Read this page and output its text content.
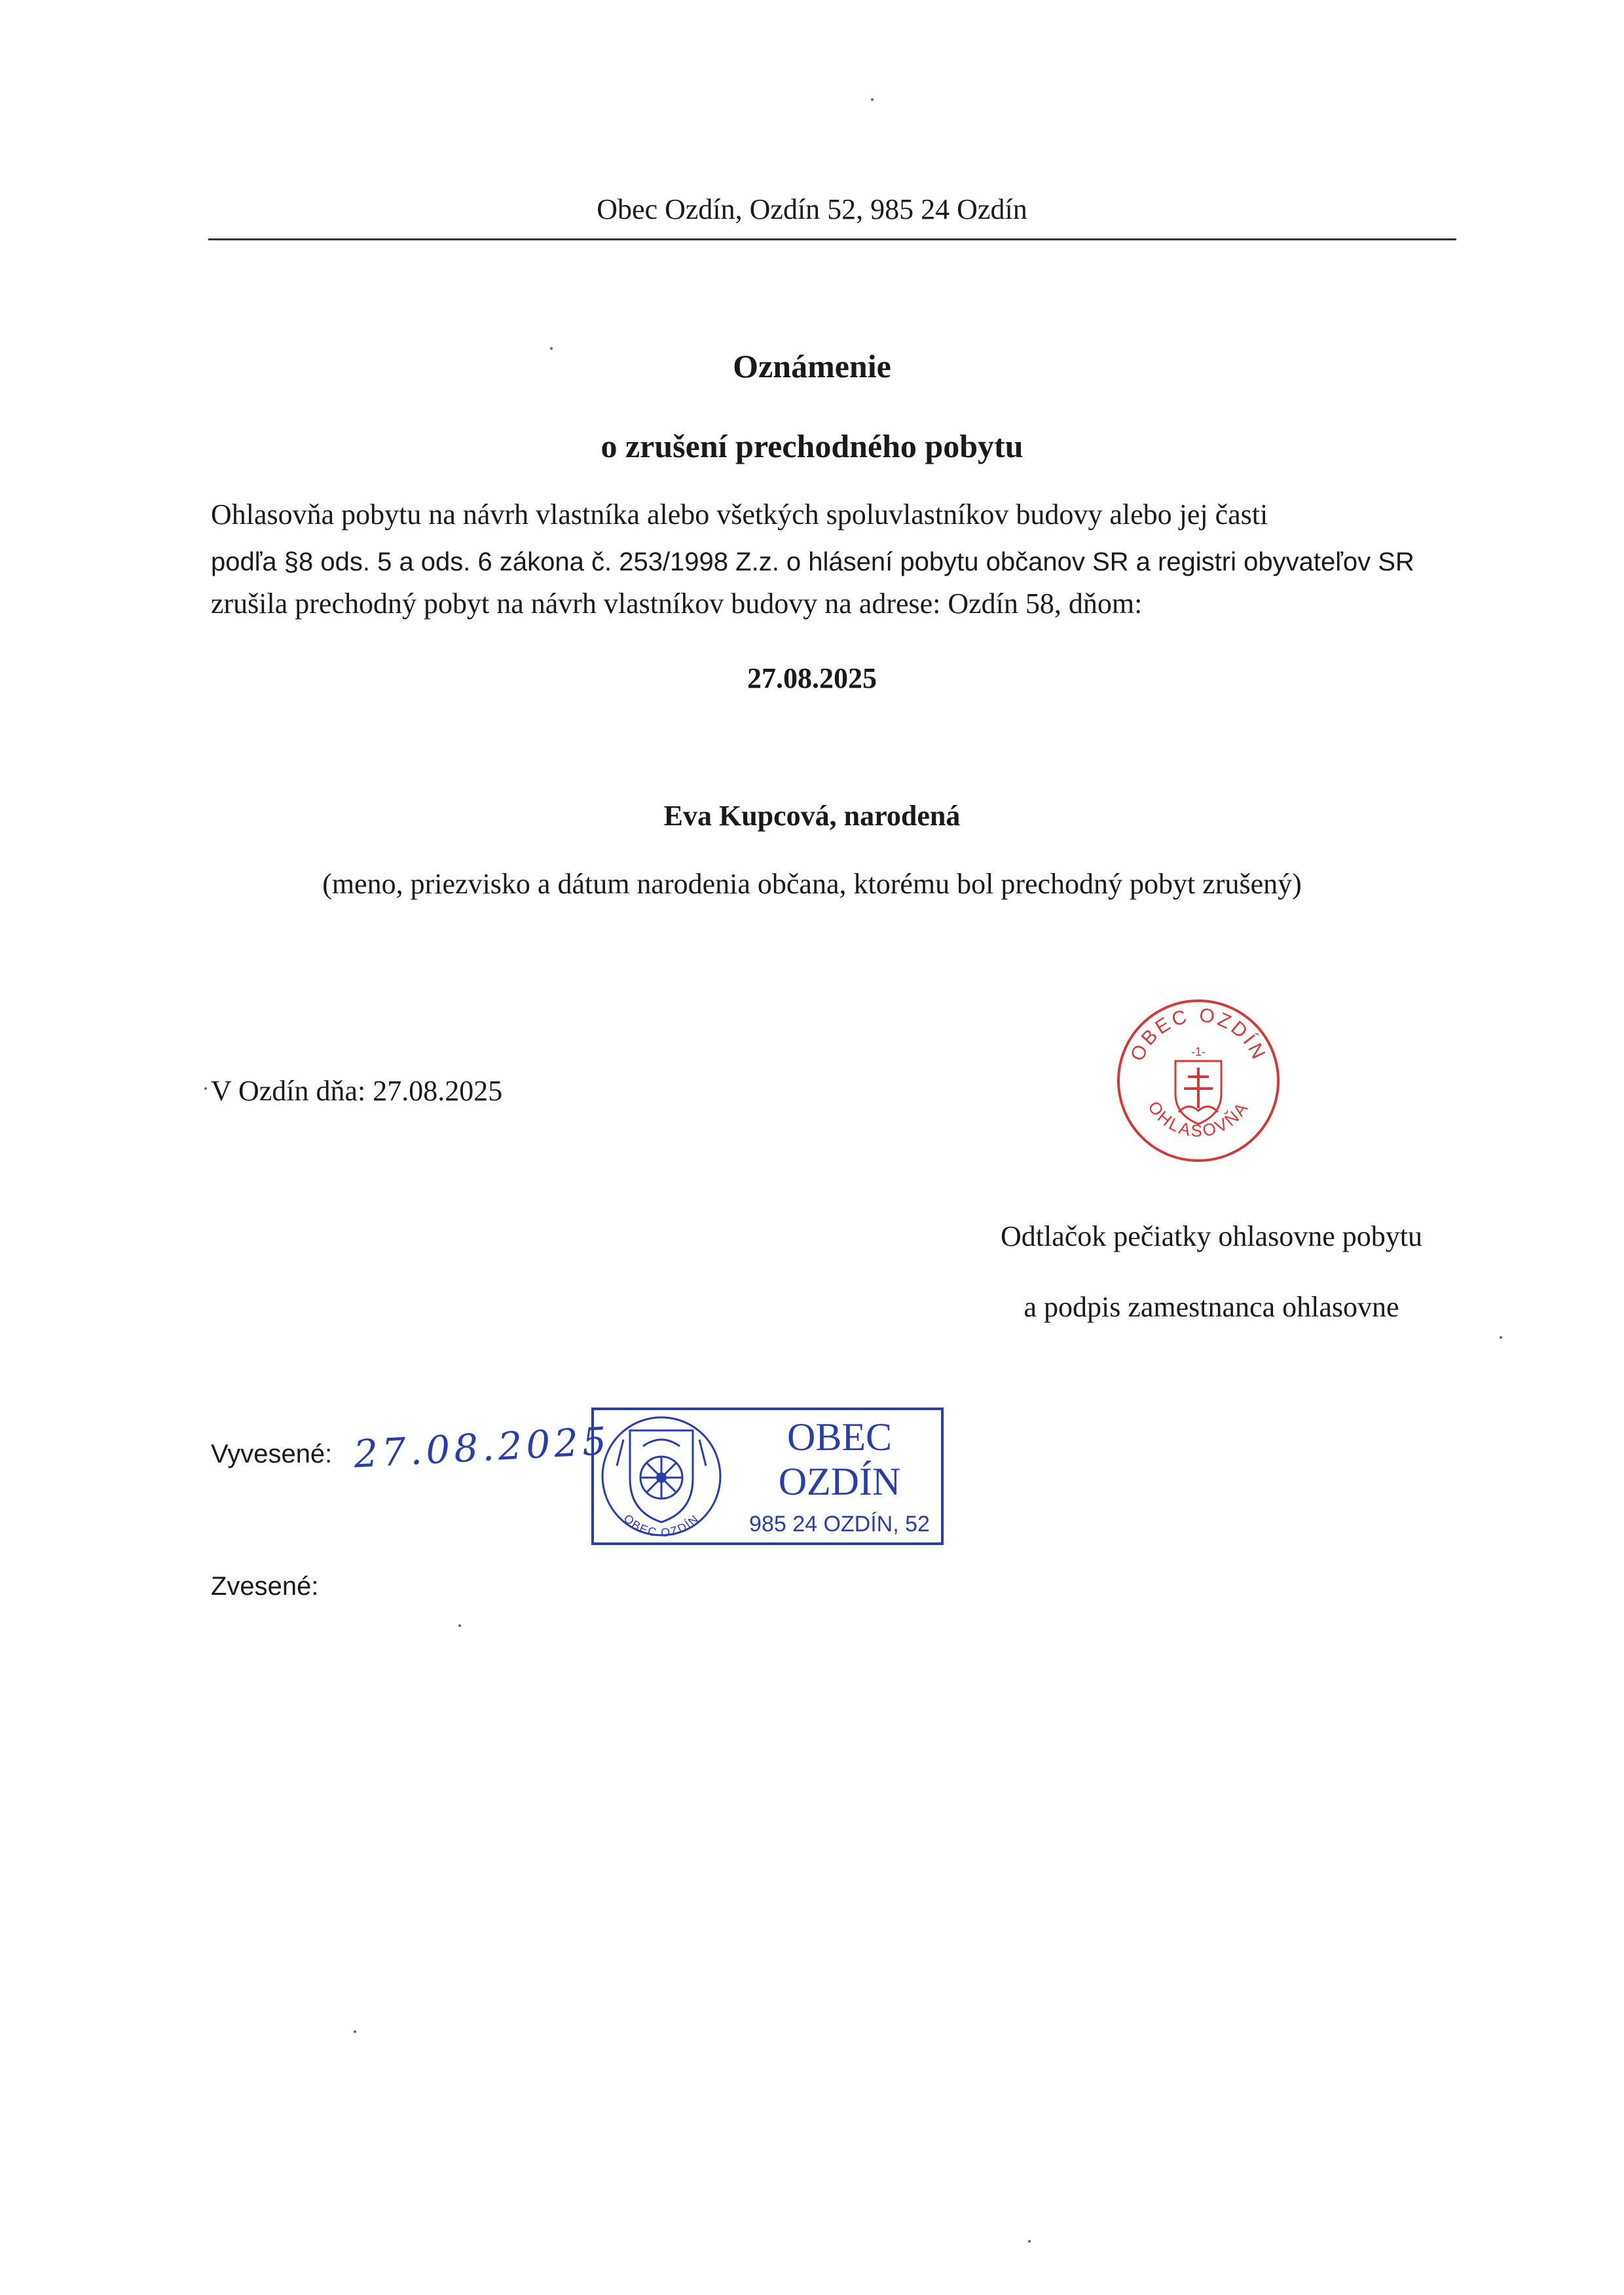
Obec Ozdín, Ozdín 52, 985 24 Ozdín
Oznámenie
o zrušení prechodného pobytu
Ohlasovňa pobytu na návrh vlastníka alebo všetkých spoluvlastníkov budovy alebo jej časti
podľa §8 ods. 5 a ods. 6 zákona č. 253/1998 Z.z. o hlásení pobytu občanov SR a registri obyvateľov SR
zrušila prechodný pobyt na návrh vlastníkov budovy na adrese: Ozdín 58, dňom:
27.08.2025
Eva Kupcová, narodená
(meno, priezvisko a dátum narodenia občana, ktorému bol prechodný pobyt zrušený)
V Ozdín dňa: 27.08.2025
OBEC OZDÍN
-1-
OHLASOVŇA
Odtlačok pečiatky ohlasovne pobytu
a podpis zamestnanca ohlasovne
Vyvesené: 27.08.2025
OBEC OZDÍN
OBEC
OZDÍN
985 24 OZDÍN, 52
Zvesené:
